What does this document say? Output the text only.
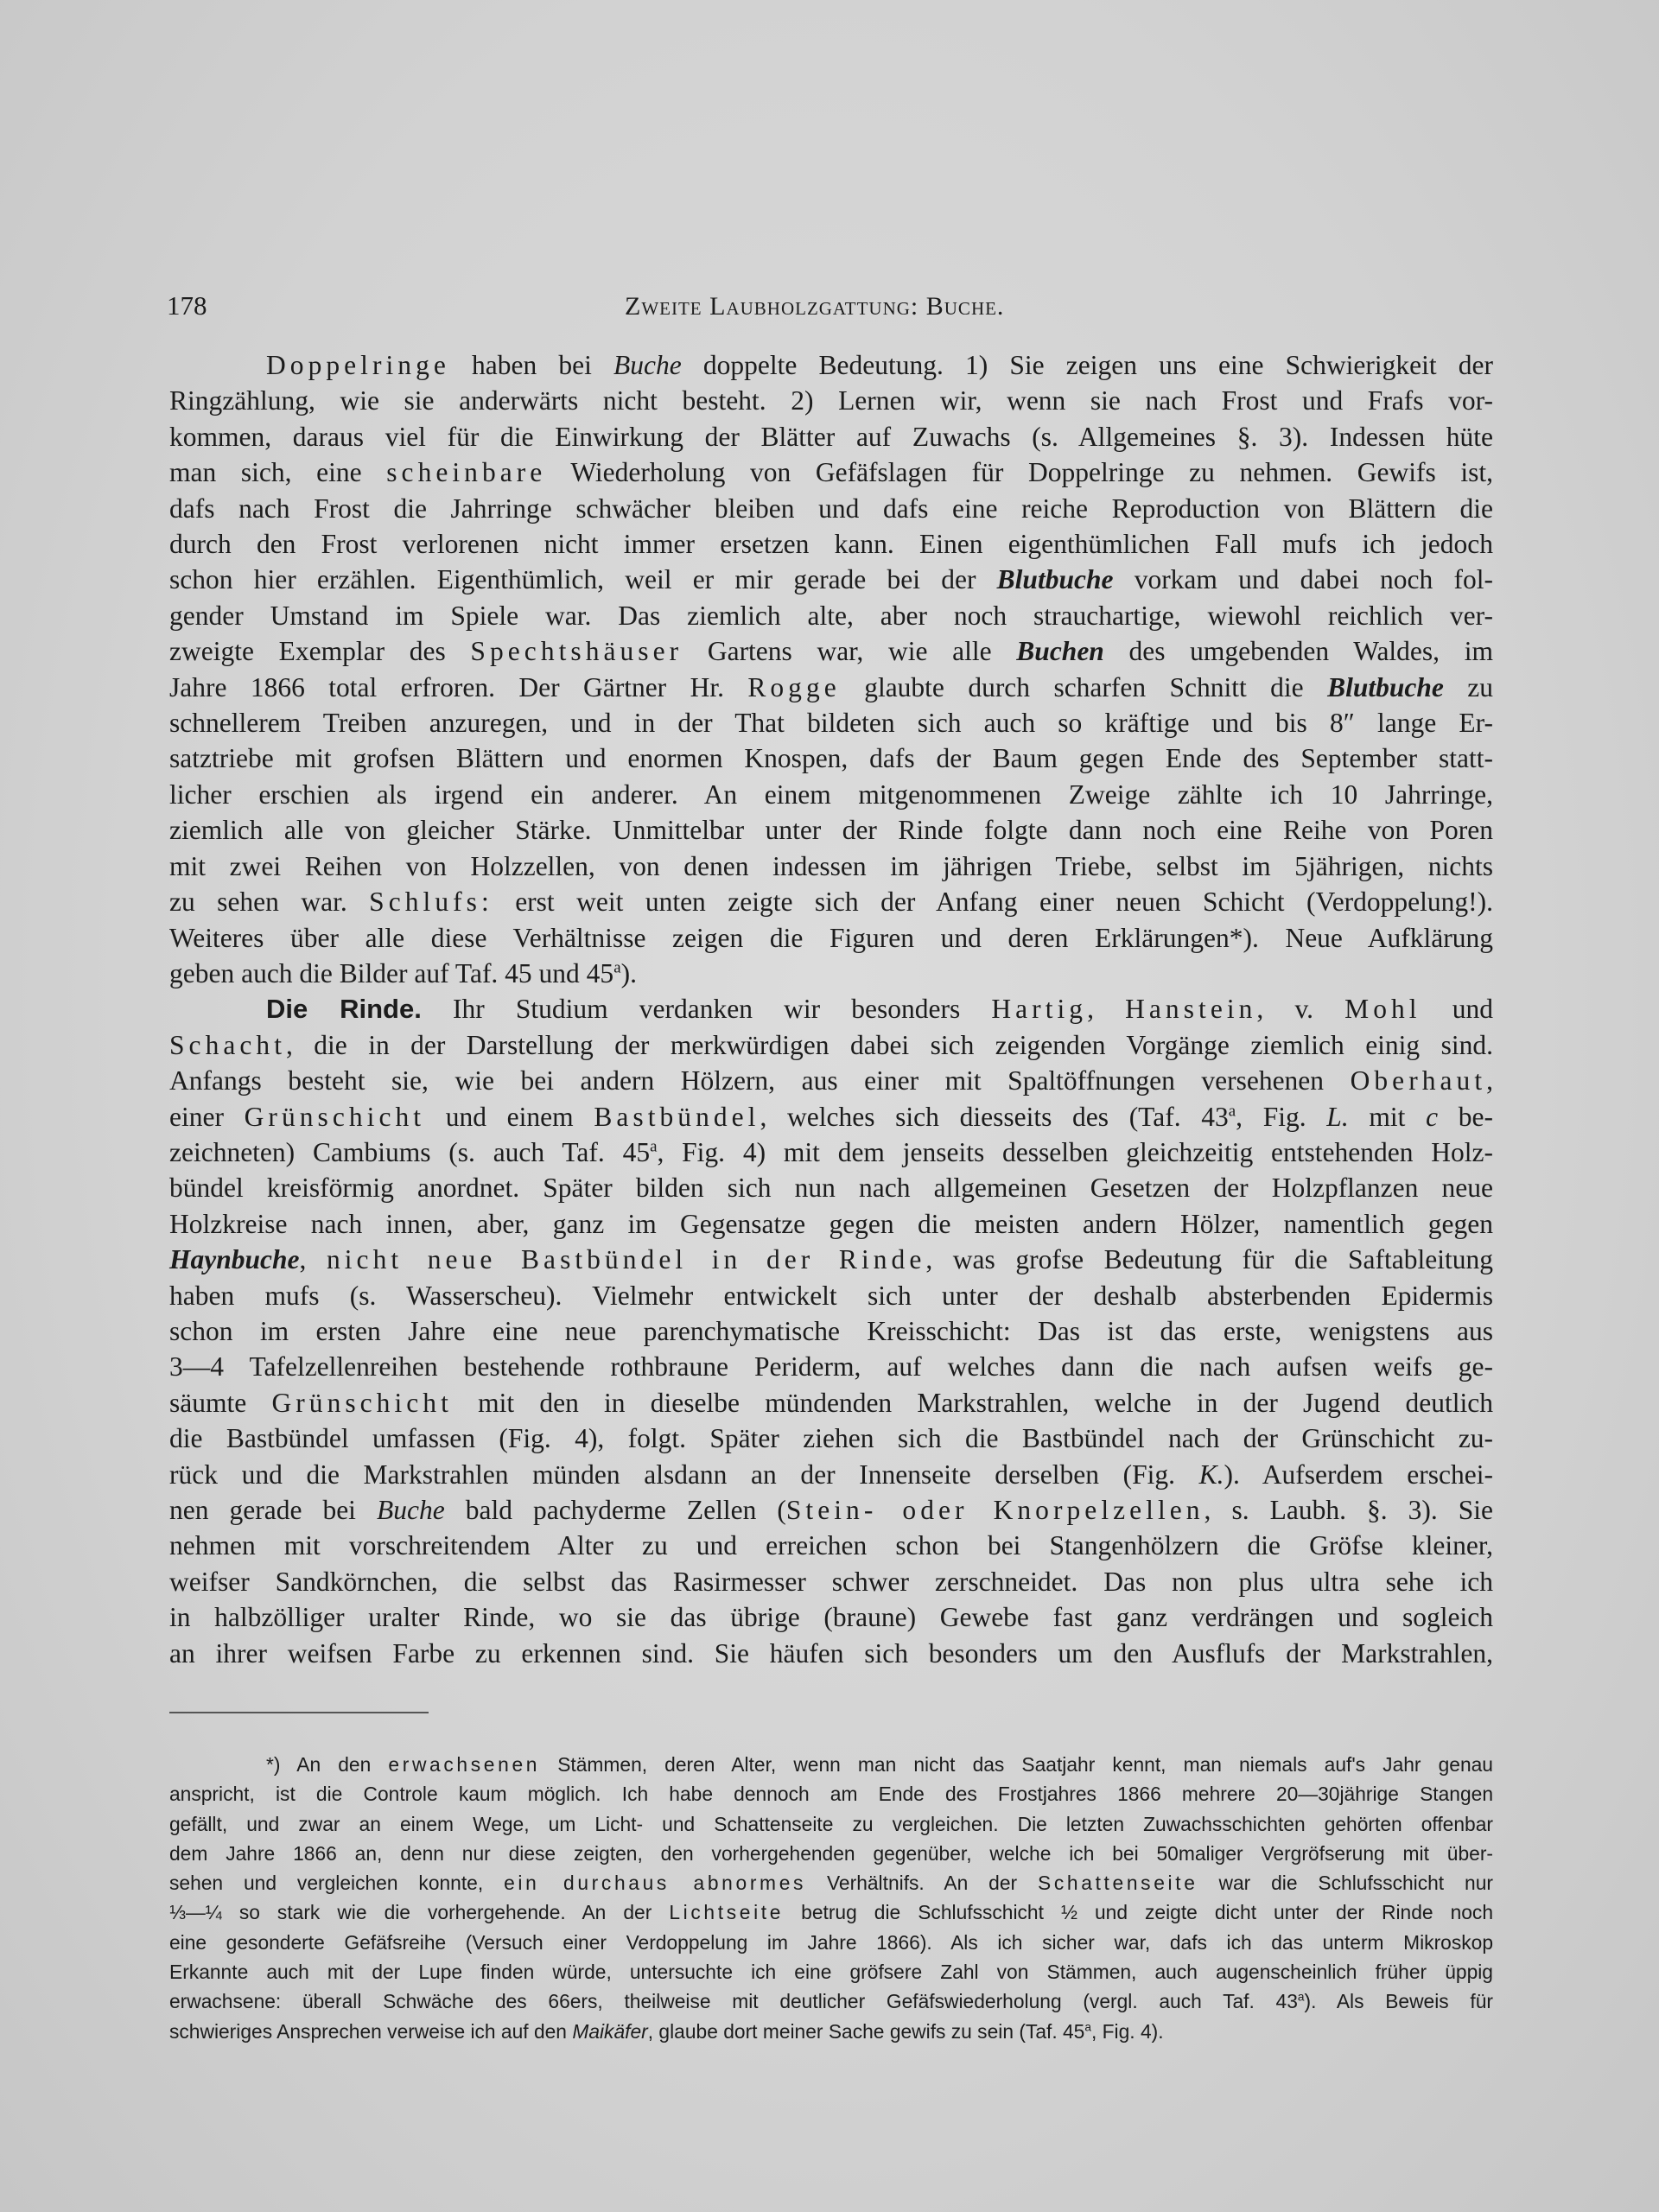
178	Zweite Laubholzgattung: Buche.
Doppelringe haben bei Buche doppelte Bedeutung. 1) Sie zeigen uns eine Schwierigkeit der
Ringzählung, wie sie anderwärts nicht besteht. 2) Lernen wir, wenn sie nach Frost und Frafs vor-
kommen, daraus viel für die Einwirkung der Blätter auf Zuwachs (s. Allgemeines §. 3). Indessen hüte
man sich, eine scheinbare Wiederholung von Gefäfslagen für Doppelringe zu nehmen. Gewifs ist,
dafs nach Frost die Jahrringe schwächer bleiben und dafs eine reiche Reproduction von Blättern die
durch den Frost verlorenen nicht immer ersetzen kann. Einen eigenthümlichen Fall mufs ich jedoch
schon hier erzählen. Eigenthümlich, weil er mir gerade bei der Blutbuche vorkam und dabei noch fol-
gender Umstand im Spiele war. Das ziemlich alte, aber noch strauchartige, wiewohl reichlich ver-
zweigte Exemplar des Spechtshäuser Gartens war, wie alle Buchen des umgebenden Waldes, im
Jahre 1866 total erfroren. Der Gärtner Hr. Rogge glaubte durch scharfen Schnitt die Blutbuche zu
schnellerem Treiben anzuregen, und in der That bildeten sich auch so kräftige und bis 8″ lange Er-
satztriebe mit grofsen Blättern und enormen Knospen, dafs der Baum gegen Ende des September statt-
licher erschien als irgend ein anderer. An einem mitgenommenen Zweige zählte ich 10 Jahrringe,
ziemlich alle von gleicher Stärke. Unmittelbar unter der Rinde folgte dann noch eine Reihe von Poren
mit zwei Reihen von Holzzellen, von denen indessen im jährigen Triebe, selbst im 5jährigen, nichts
zu sehen war. Schlufs: erst weit unten zeigte sich der Anfang einer neuen Schicht (Verdoppelung!).
Weiteres über alle diese Verhältnisse zeigen die Figuren und deren Erklärungen*). Neue Aufklärung
geben auch die Bilder auf Taf. 45 und 45$^a$).
Die Rinde. Ihr Studium verdanken wir besonders Hartig, Hanstein, v. Mohl und
Schacht, die in der Darstellung der merkwürdigen dabei sich zeigenden Vorgänge ziemlich einig sind.
Anfangs besteht sie, wie bei andern Hölzern, aus einer mit Spaltöffnungen versehenen Oberhaut,
einer Grünschicht und einem Bastbündel, welches sich diesseits des (Taf. 43$^a$, Fig. L. mit c be-
zeichneten) Cambiums (s. auch Taf. 45$^a$, Fig. 4) mit dem jenseits desselben gleichzeitig entstehenden Holz-
bündel kreisförmig anordnet. Später bilden sich nun nach allgemeinen Gesetzen der Holzpflanzen neue
Holzkreise nach innen, aber, ganz im Gegensatze gegen die meisten andern Hölzer, namentlich gegen
Haynbuche, nicht neue Bastbündel in der Rinde, was grofse Bedeutung für die Saftableitung
haben mufs (s. Wasserscheu). Vielmehr entwickelt sich unter der deshalb absterbenden Epidermis
schon im ersten Jahre eine neue parenchymatische Kreisschicht: Das ist das erste, wenigstens aus
3—4 Tafelzellenreihen bestehende rothbraune Periderm, auf welches dann die nach aufsen weifs ge-
säumte Grünschicht mit den in dieselbe mündenden Markstrahlen, welche in der Jugend deutlich
die Bastbündel umfassen (Fig. 4), folgt. Später ziehen sich die Bastbündel nach der Grünschicht zu-
rück und die Markstrahlen münden alsdann an der Innenseite derselben (Fig. K.). Aufserdem erschei-
nen gerade bei Buche bald pachyderme Zellen (Stein- oder Knorpelzellen, s. Laubh. §. 3). Sie
nehmen mit vorschreitendem Alter zu und erreichen schon bei Stangenhölzern die Gröfse kleiner,
weifser Sandkörnchen, die selbst das Rasirmesser schwer zerschneidet. Das non plus ultra sehe ich
in halbzölliger uralter Rinde, wo sie das übrige (braune) Gewebe fast ganz verdrängen und sogleich
an ihrer weifsen Farbe zu erkennen sind. Sie häufen sich besonders um den Ausflufs der Markstrahlen,
*) An den erwachsenen Stämmen, deren Alter, wenn man nicht das Saatjahr kennt, man niemals auf's Jahr genau
anspricht, ist die Controle kaum möglich. Ich habe dennoch am Ende des Frostjahres 1866 mehrere 20—30jährige Stangen
gefällt, und zwar an einem Wege, um Licht- und Schattenseite zu vergleichen. Die letzten Zuwachsschichten gehörten offenbar
dem Jahre 1866 an, denn nur diese zeigten, den vorhergehenden gegenüber, welche ich bei 50maliger Vergröfserung mit über-
sehen und vergleichen konnte, ein durchaus abnormes Verhältnifs. An der Schattenseite war die Schlufsschicht nur
⅓—¼ so stark wie die vorhergehende. An der Lichtseite betrug die Schlufsschicht ½ und zeigte dicht unter der Rinde noch
eine gesonderte Gefäfsreihe (Versuch einer Verdoppelung im Jahre 1866). Als ich sicher war, dafs ich das unterm Mikroskop
Erkannte auch mit der Lupe finden würde, untersuchte ich eine gröfsere Zahl von Stämmen, auch augenscheinlich früher üppig
erwachsene: überall Schwäche des 66ers, theilweise mit deutlicher Gefäfswiederholung (vergl. auch Taf. 43$^a$). Als Beweis für
schwieriges Ansprechen verweise ich auf den Maikäfer, glaube dort meiner Sache gewifs zu sein (Taf. 45$^a$, Fig. 4).
